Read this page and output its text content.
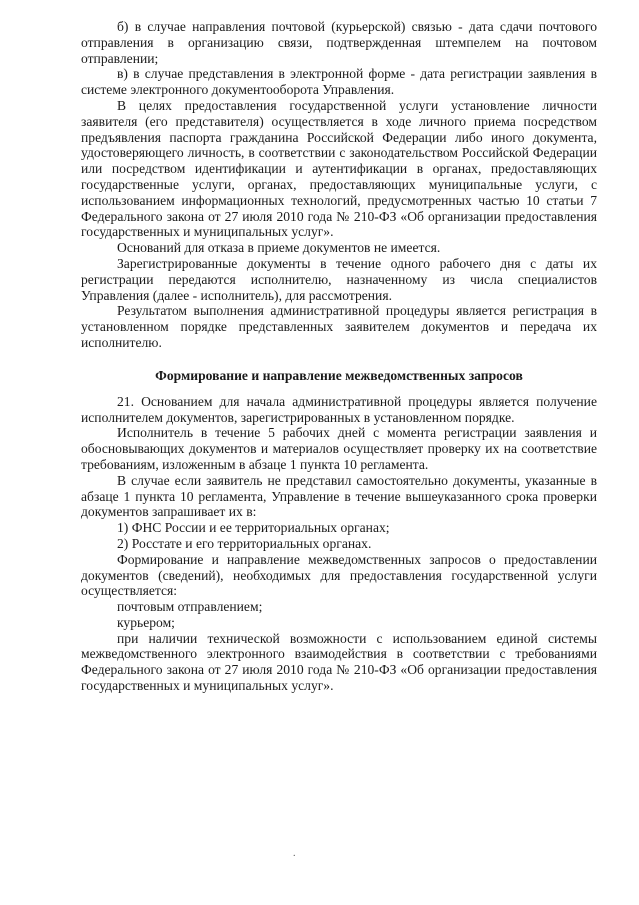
б) в случае направления почтовой (курьерской) связью - дата сдачи почтового отправления в организацию связи, подтвержденная штемпелем на почтовом отправлении;

в) в случае представления в электронной форме - дата регистрации заявления в системе электронного документооборота Управления.

В целях предоставления государственной услуги установление личности заявителя (его представителя) осуществляется в ходе личного приема посредством предъявления паспорта гражданина Российской Федерации либо иного документа, удостоверяющего личность, в соответствии с законодательством Российской Федерации или посредством идентификации и аутентификации в органах, предоставляющих государственные услуги, органах, предоставляющих муниципальные услуги, с использованием информационных технологий, предусмотренных частью 10 статьи 7 Федерального закона от 27 июля 2010 года № 210-ФЗ «Об организации предоставления государственных и муниципальных услуг».

Оснований для отказа в приеме документов не имеется.

Зарегистрированные документы в течение одного рабочего дня с даты их регистрации передаются исполнителю, назначенному из числа специалистов Управления (далее - исполнитель), для рассмотрения.

Результатом выполнения административной процедуры является регистрация в установленном порядке представленных заявителем документов и передача их исполнителю.

Формирование и направление межведомственных запросов

21. Основанием для начала административной процедуры является получение исполнителем документов, зарегистрированных в установленном порядке.

Исполнитель в течение 5 рабочих дней с момента регистрации заявления и обосновывающих документов и материалов осуществляет проверку их на соответствие требованиям, изложенным в абзаце 1 пункта 10 регламента.

В случае если заявитель не представил самостоятельно документы, указанные в абзаце 1 пункта 10 регламента, Управление в течение вышеуказанного срока проверки документов запрашивает их в:

1) ФНС России и ее территориальных органах;

2) Росстате и его территориальных органах.

Формирование и направление межведомственных запросов о предоставлении документов (сведений), необходимых для предоставления государственной услуги осуществляется:

почтовым отправлением;

курьером;

при наличии технической возможности с использованием единой системы межведомственного электронного взаимодействия в соответствии с требованиями Федерального закона от 27 июля 2010 года № 210-ФЗ «Об организации предоставления государственных и муниципальных услуг».

.
